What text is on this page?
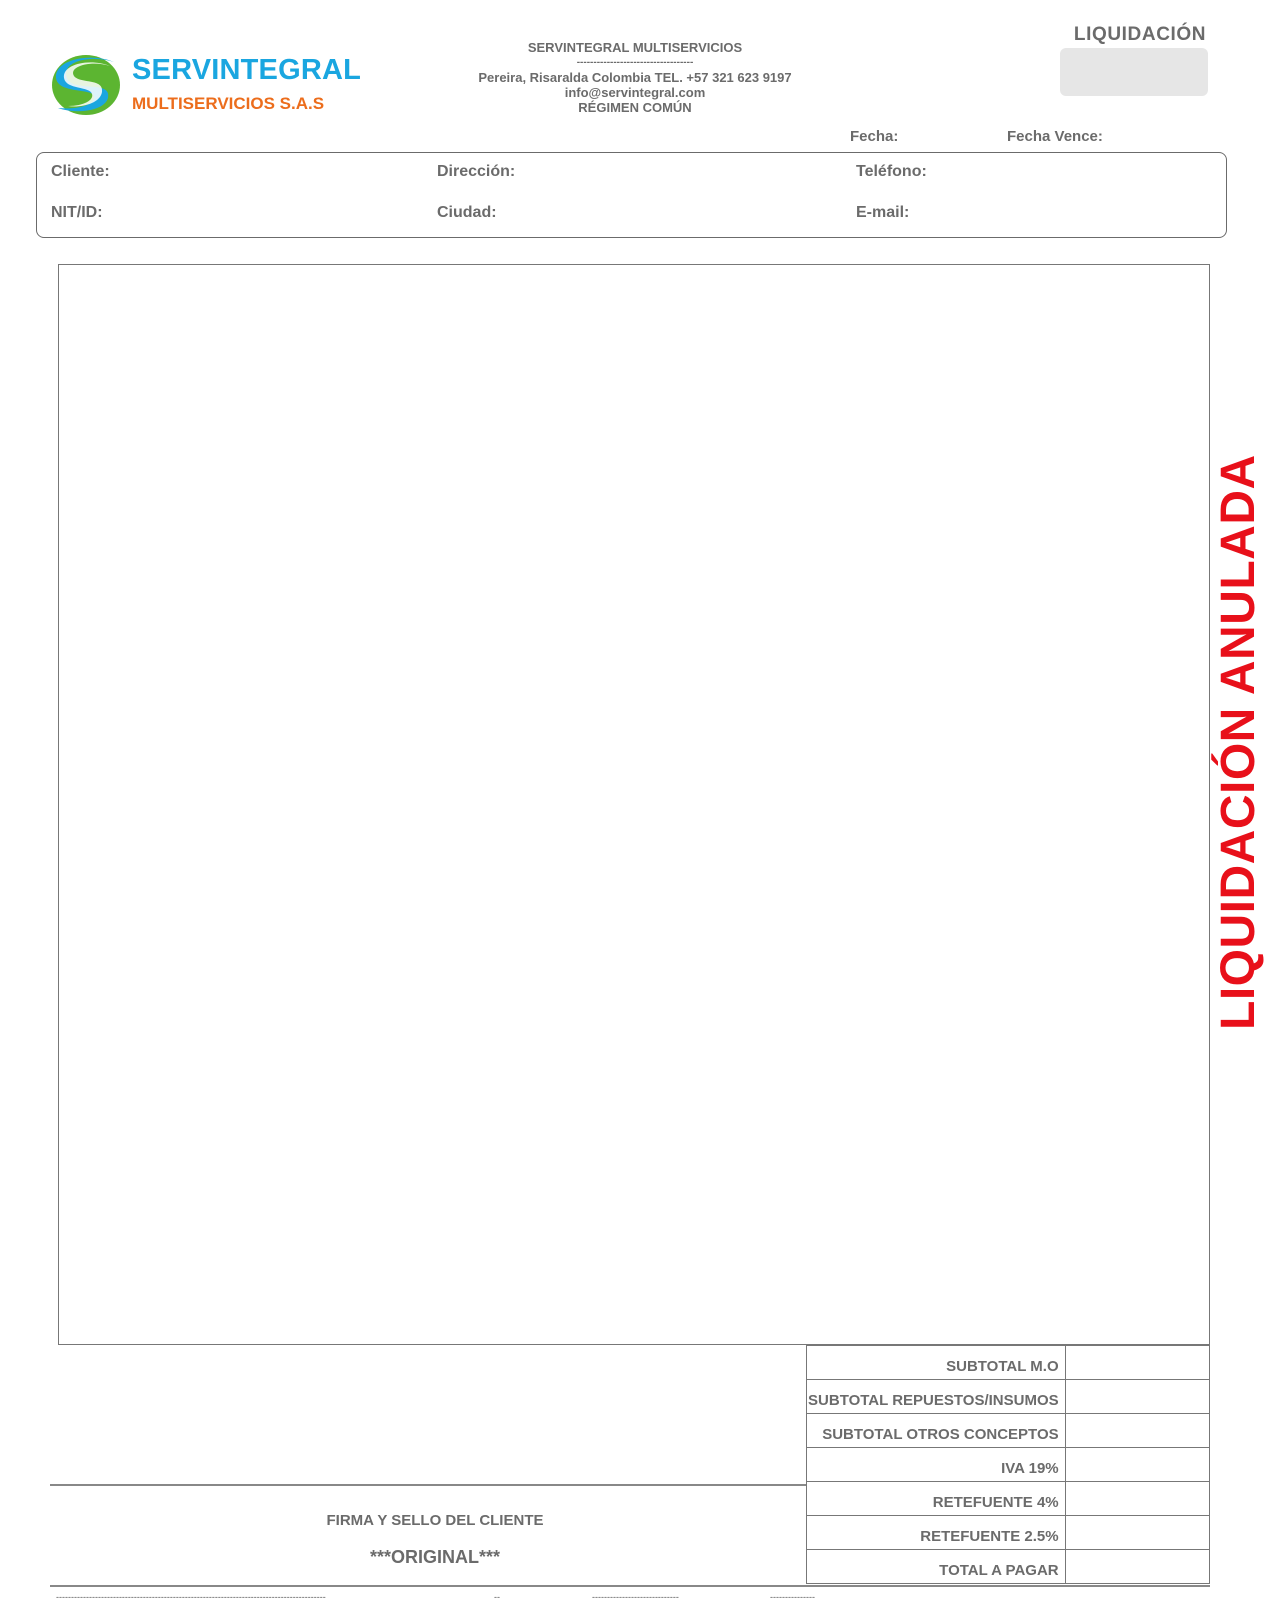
SERVINTEGRAL
MULTISERVICIOS S.A.S
SERVINTEGRAL MULTISERVICIOS
-----------------------------------
Pereira, Risaralda Colombia TEL. +57 321 623 9197
info@servintegral.com
RÉGIMEN COMÚN
LIQUIDACIÓN
Fecha:	Fecha Vence:
Cliente:	Dirección:	Teléfono:
NIT/ID:	Ciudad:	E-mail:
LIQUIDACIÓN ANULADA
SUBTOTAL M.O	
SUBTOTAL REPUESTOS/INSUMOS	
SUBTOTAL OTROS CONCEPTOS	
IVA 19%	
RETEFUENTE 4%	
RETEFUENTE 2.5%	
TOTAL A PAGAR	
FIRMA Y SELLO DEL CLIENTE
***ORIGINAL***
------------------------------------------------------------------------------------------	--	-----------------------------	---------------
